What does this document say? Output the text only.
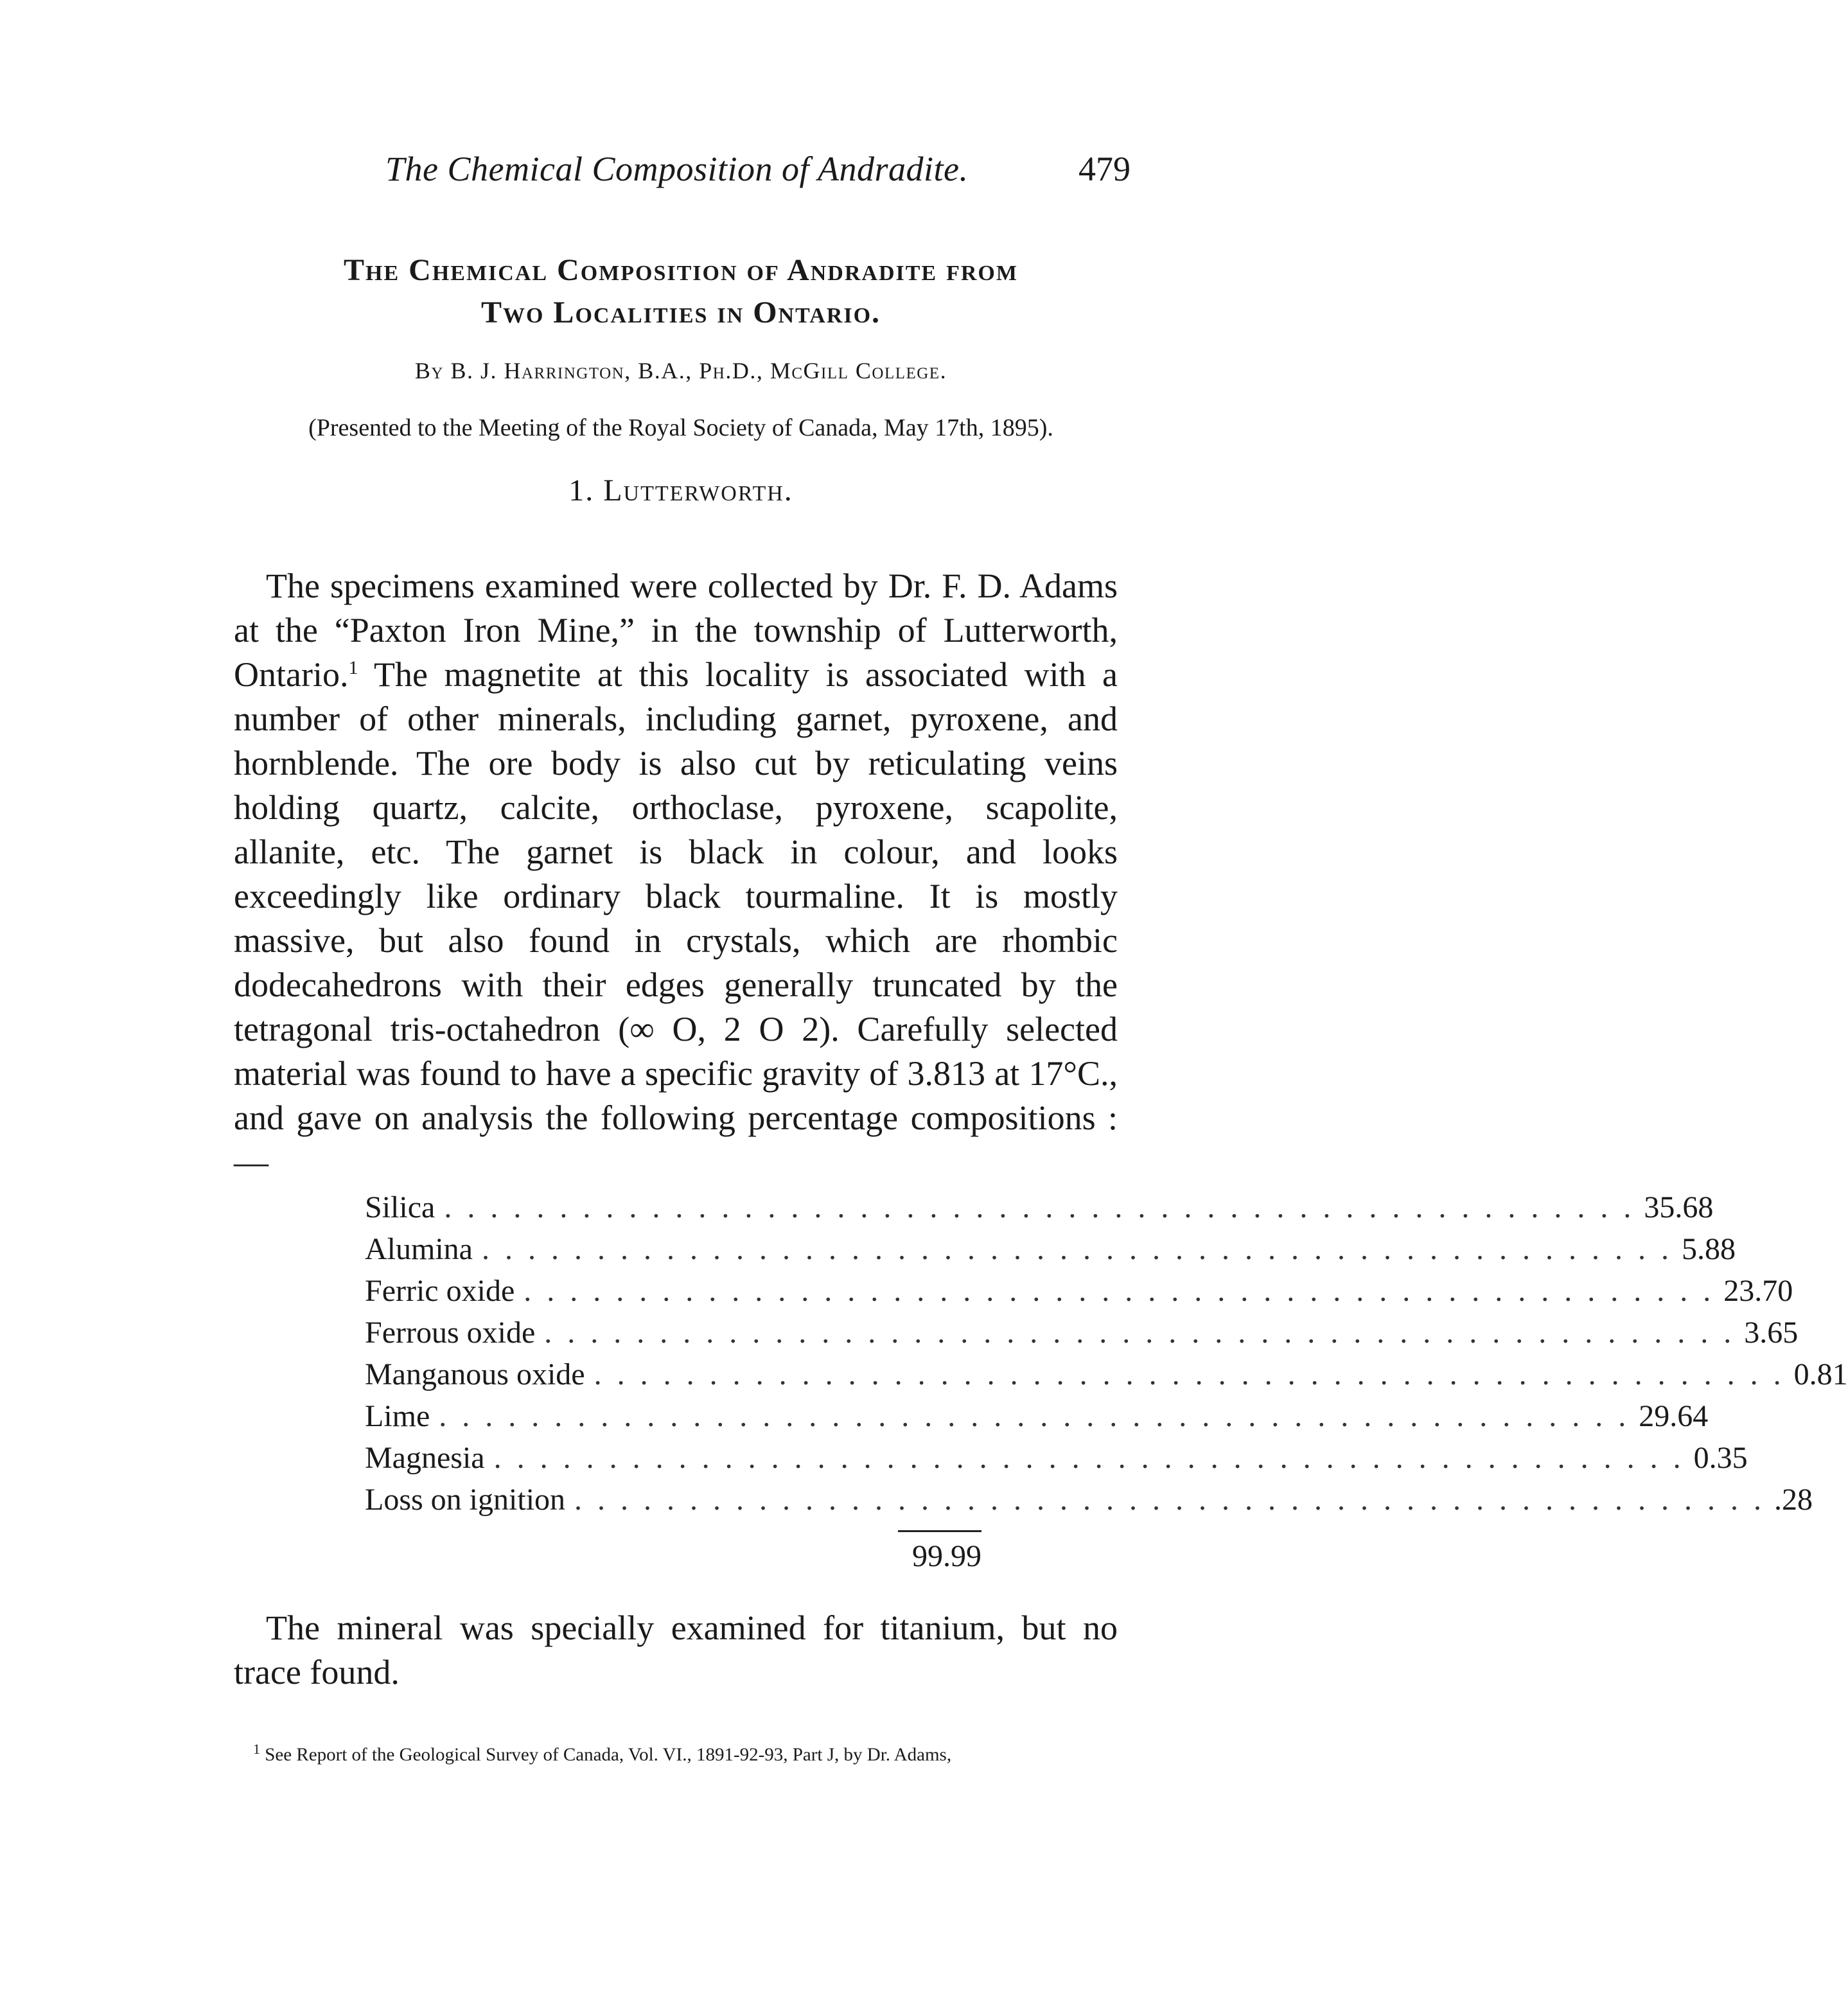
The Chemical Composition of Andradite.	479
The Chemical Composition of Andradite from
Two Localities in Ontario.
By B. J. Harrington, B.A., Ph.D., McGill College.
(Presented to the Meeting of the Royal Society of Canada, May 17th, 1895).
1. Lutterworth.

The specimens examined were collected by Dr. F. D. Adams at the “Paxton Iron Mine,” in the township of Lutterworth, Ontario.$^1$ The magnetite at this locality is associated with a number of other minerals, including garnet, pyroxene, and hornblende. The ore body is also cut by reticulating veins holding quartz, calcite, orthoclase, pyroxene, scapolite, allanite, etc. The garnet is black in colour, and looks exceedingly like ordinary black tourmaline. It is mostly massive, but also found in crystals, which are rhombic dodecahedrons with their edges generally truncated by the tetragonal tris-octahedron (∞ O, 2 O 2). Carefully selected material was found to have a specific gravity of 3.813 at 17°C., and gave on analysis the following percentage compositions :—

Silica . . . . . . . . . . . . . . . . . . . . . . . . . . . . . . . . . . . . . . . . . . . . . . . . . . . . 35.68
Alumina . . . . . . . . . . . . . . . . . . . . . . . . . . . . . . . . . . . . . . . . . . . . . . . . . . . . 5.88
Ferric oxide . . . . . . . . . . . . . . . . . . . . . . . . . . . . . . . . . . . . . . . . . . . . . . . . . . . . 23.70
Ferrous oxide . . . . . . . . . . . . . . . . . . . . . . . . . . . . . . . . . . . . . . . . . . . . . . . . . . . . 3.65
Manganous oxide . . . . . . . . . . . . . . . . . . . . . . . . . . . . . . . . . . . . . . . . . . . . . . . . . . . . 0.81
Lime . . . . . . . . . . . . . . . . . . . . . . . . . . . . . . . . . . . . . . . . . . . . . . . . . . . . 29.64
Magnesia . . . . . . . . . . . . . . . . . . . . . . . . . . . . . . . . . . . . . . . . . . . . . . . . . . . . 0.35
Loss on ignition . . . . . . . . . . . . . . . . . . . . . . . . . . . . . . . . . . . . . . . . . . . . . . . . . . . . .28
99.99

The mineral was specially examined for titanium, but no trace found.

$^1$ See Report of the Geological Survey of Canada, Vol. VI., 1891-92-93, Part J, by Dr. Adams,
